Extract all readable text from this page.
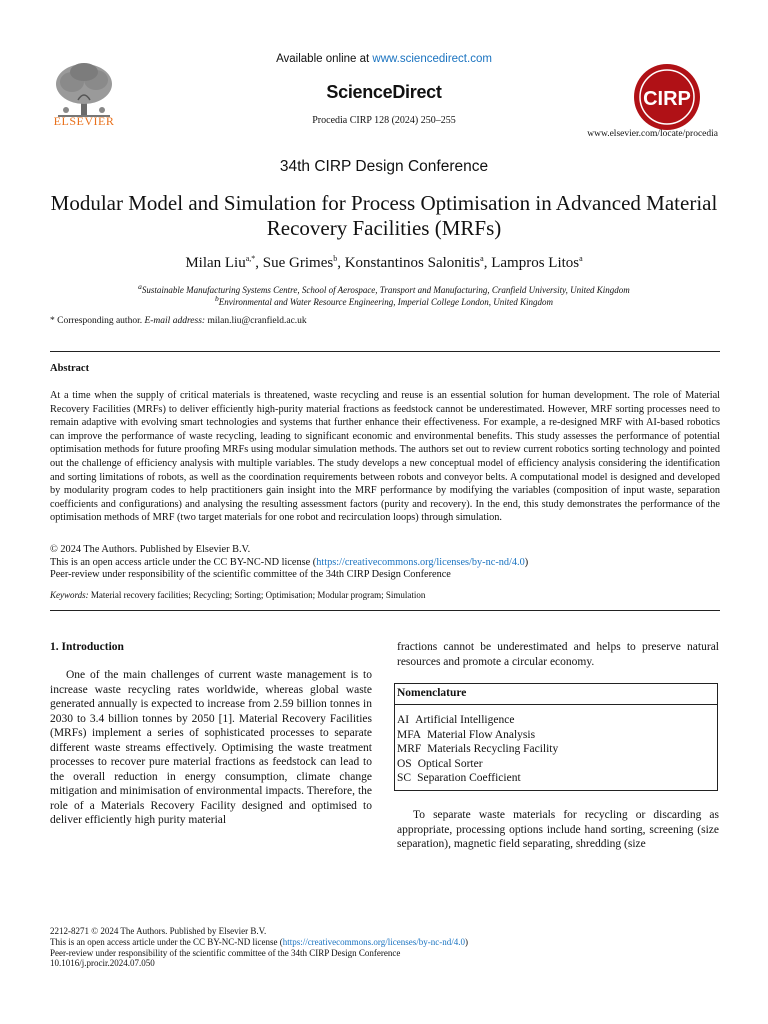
ELSEVIER
Available online at www.sciencedirect.com
ScienceDirect
Procedia CIRP 128 (2024) 250–255
CIRP
www.elsevier.com/locate/procedia
34th CIRP Design Conference
Modular Model and Simulation for Process Optimisation in Advanced Material Recovery Facilities (MRFs)
Milan Liu$^{a,*}$, Sue Grimes$^b$, Konstantinos Salonitis$^a$, Lampros Litos$^a$
$^a$Sustainable Manufacturing Systems Centre, School of Aerospace, Transport and Manufacturing, Cranfield University, United Kingdom
$^b$Environmental and Water Resource Engineering, Imperial College London, United Kingdom
* Corresponding author. E-mail address: milan.liu@cranfield.ac.uk
Abstract
At a time when the supply of critical materials is threatened, waste recycling and reuse is an essential solution for human development. The role of Material Recovery Facilities (MRFs) to deliver efficiently high-purity material fractions as feedstock cannot be underestimated. However, MRF sorting processes need to remain adaptive with evolving smart technologies and systems that further enhance their effectiveness. For example, a re-designed MRF with AI-based robotics can improve the performance of waste recycling, leading to significant economic and environmental benefits. This study assesses the performance of potential optimisation methods for future proofing MRFs using modular simulation methods. The authors set out to review current robotics sorting technology and pointed out the challenge of efficiency analysis with multiple variables. The study develops a new conceptual model of efficiency analysis considering the identification and sorting limitations of robots, as well as the coordination requirements between robots and conveyor belts. A computational model is designed and developed by modularity program codes to help practitioners gain insight into the MRF performance by modifying the variables (composition of input waste, separation coefficients and configurations) and analysing the resulting assessment factors (purity and recovery). In the end, this study demonstrates the performance of the optimisation methods of MRF (two target materials for one robot and recirculation loops) through simulation.
© 2024 The Authors. Published by Elsevier B.V.
This is an open access article under the CC BY-NC-ND license (https://creativecommons.org/licenses/by-nc-nd/4.0)
Peer-review under responsibility of the scientific committee of the 34th CIRP Design Conference
Keywords: Material recovery facilities; Recycling; Sorting; Optimisation; Modular program; Simulation
1. Introduction
One of the main challenges of current waste management is to increase waste recycling rates worldwide, whereas global waste generated annually is expected to increase from 2.59 billion tonnes in 2030 to 3.4 billion tonnes by 2050 [1]. Material Recovery Facilities (MRFs) implement a series of sophisticated processes to separate different waste streams effectively. Optimising the waste treatment processes to recover pure material fractions as feedstock can lead to the overall reduction in energy consumption, climate change mitigation and minimisation of environmental impacts. Therefore, the role of a Materials Recovery Facility designed and optimised to deliver efficiently high purity material
fractions cannot be underestimated and helps to preserve natural resources and promote a circular economy.
Nomenclature
AI Artificial Intelligence
MFA Material Flow Analysis
MRF Materials Recycling Facility
OS Optical Sorter
SC Separation Coefficient
To separate waste materials for recycling or discarding as appropriate, processing options include hand sorting, screening (size separation), magnetic field separating, shredding (size
2212-8271 © 2024 The Authors. Published by Elsevier B.V.
This is an open access article under the CC BY-NC-ND license (https://creativecommons.org/licenses/by-nc-nd/4.0)
Peer-review under responsibility of the scientific committee of the 34th CIRP Design Conference
10.1016/j.procir.2024.07.050
